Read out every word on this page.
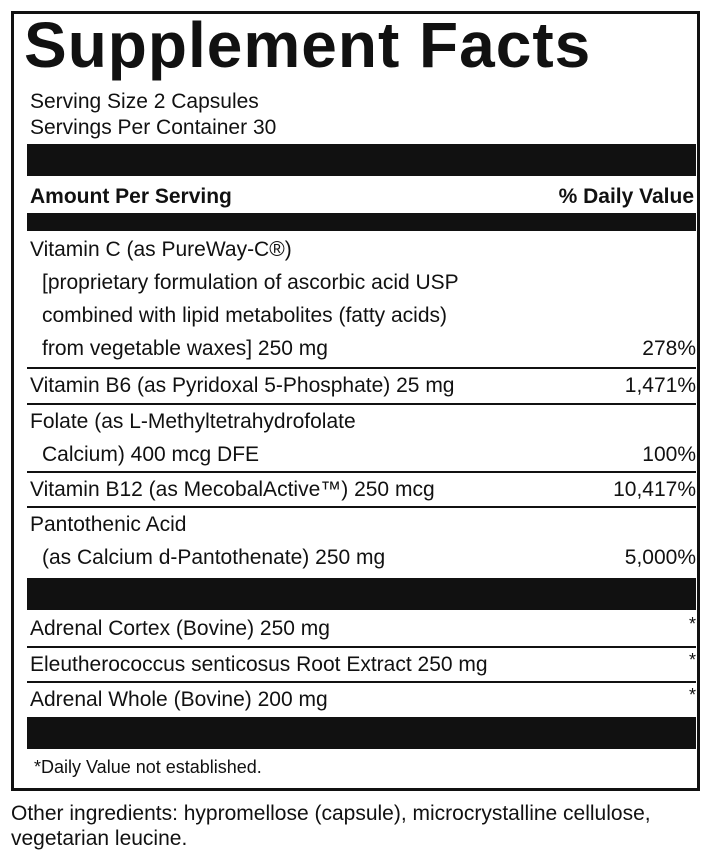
Supplement Facts
Serving Size 2 Capsules
Servings Per Container 30
Amount Per Serving	% Daily Value
Vitamin C (as PureWay-C®)
[proprietary formulation of ascorbic acid USP
combined with lipid metabolites (fatty acids)
from vegetable waxes] 250 mg	278%
Vitamin B6 (as Pyridoxal 5-Phosphate) 25 mg	1,471%
Folate (as L-Methyltetrahydrofolate
Calcium) 400 mcg DFE	100%
Vitamin B12 (as MecobalActive™) 250 mcg	10,417%
Pantothenic Acid
(as Calcium d-Pantothenate) 250 mg	5,000%
Adrenal Cortex (Bovine) 250 mg	*
Eleutherococcus senticosus Root Extract 250 mg	*
Adrenal Whole (Bovine) 200 mg	*
*Daily Value not established.
Other ingredients: hypromellose (capsule), microcrystalline cellulose, vegetarian leucine.
